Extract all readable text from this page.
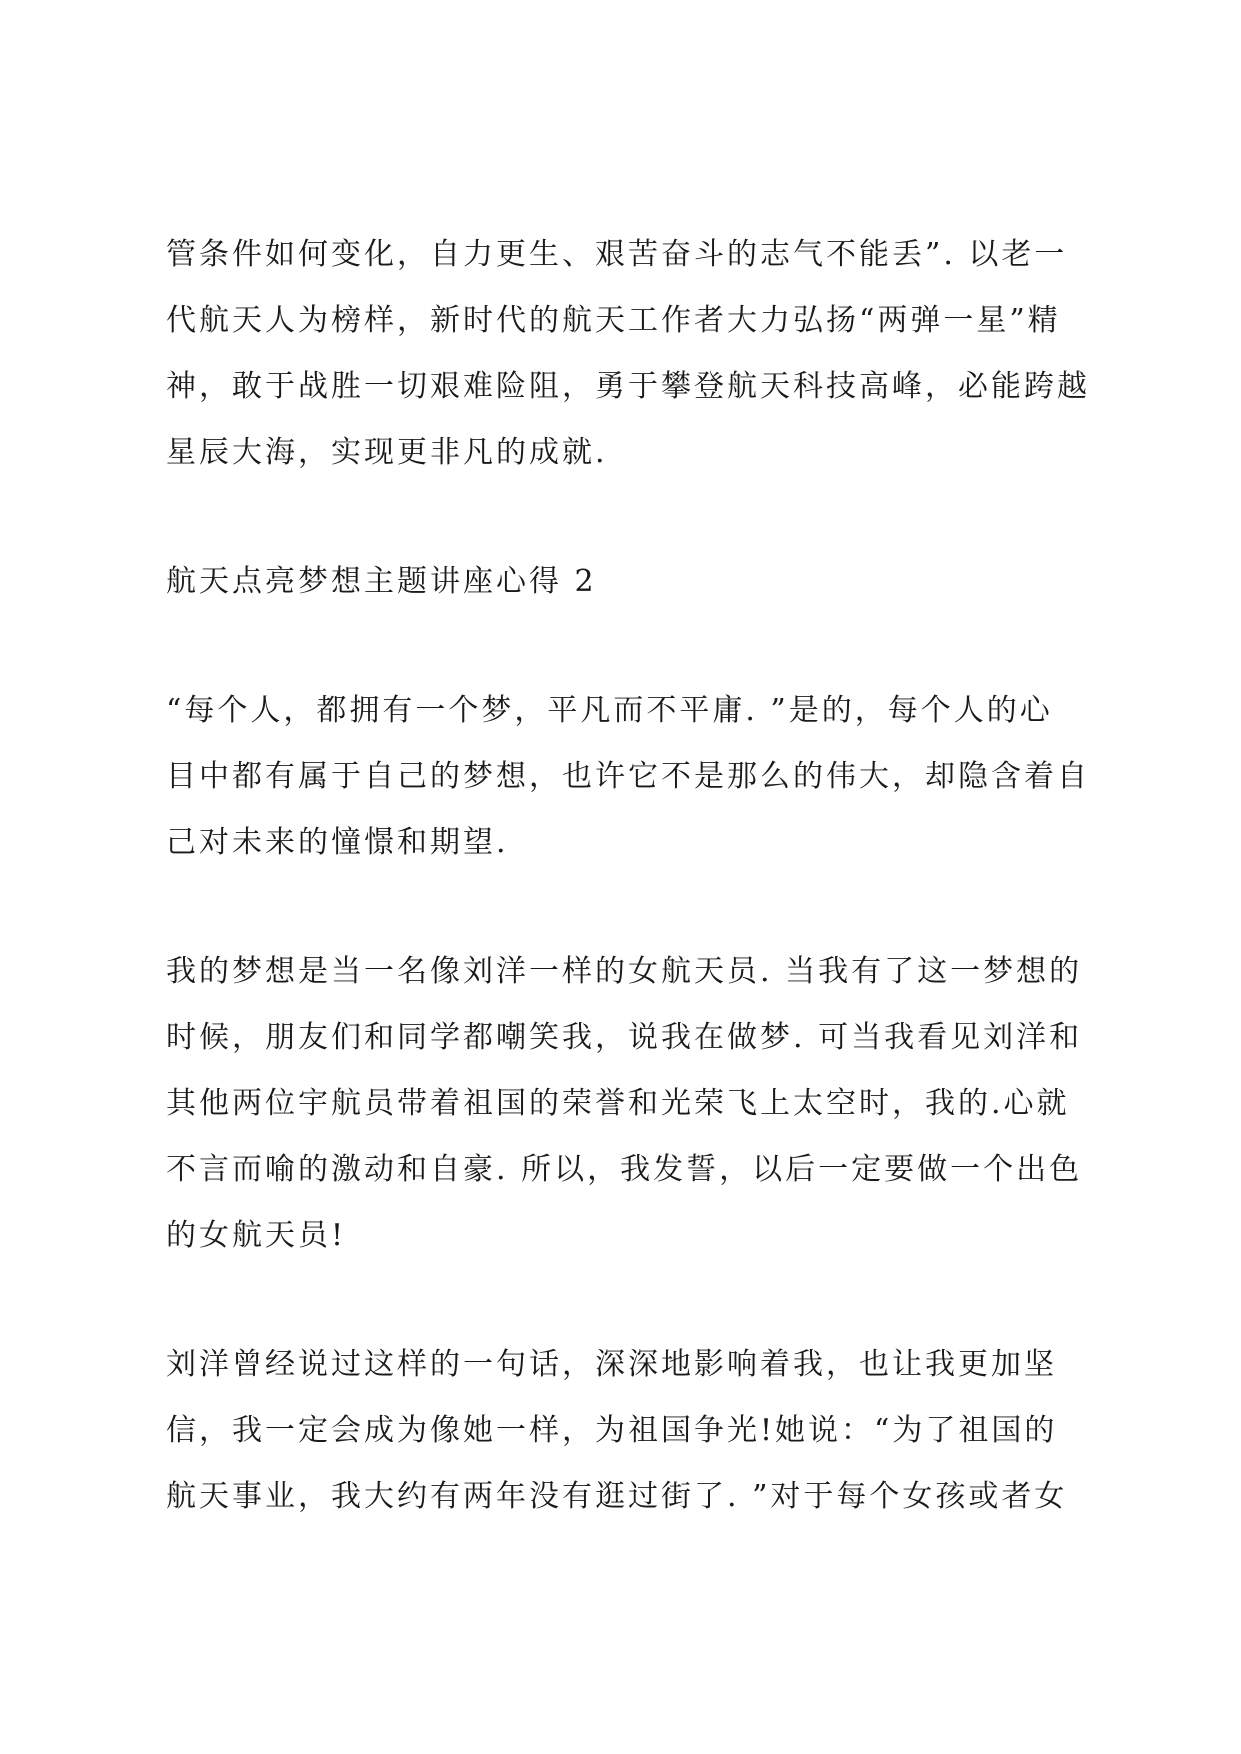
管条件如何变化，自力更生、艰苦奋斗的志气不能丢”. 以老一
代航天人为榜样，新时代的航天工作者大力弘扬“两弹一星”精
神，敢于战胜一切艰难险阻，勇于攀登航天科技高峰，必能跨越
星辰大海，实现更非凡的成就.
航天点亮梦想主题讲座心得 2
“每个人，都拥有一个梦，平凡而不平庸. ”是的，每个人的心
目中都有属于自己的梦想，也许它不是那么的伟大，却隐含着自
己对未来的憧憬和期望.
我的梦想是当一名像刘洋一样的女航天员. 当我有了这一梦想的
时候，朋友们和同学都嘲笑我，说我在做梦. 可当我看见刘洋和
其他两位宇航员带着祖国的荣誉和光荣飞上太空时，我的.心就
不言而喻的激动和自豪. 所以，我发誓，以后一定要做一个出色
的女航天员!
刘洋曾经说过这样的一句话，深深地影响着我，也让我更加坚
信，我一定会成为像她一样，为祖国争光!她说：“为了祖国的
航天事业，我大约有两年没有逛过街了. ”对于每个女孩或者女
